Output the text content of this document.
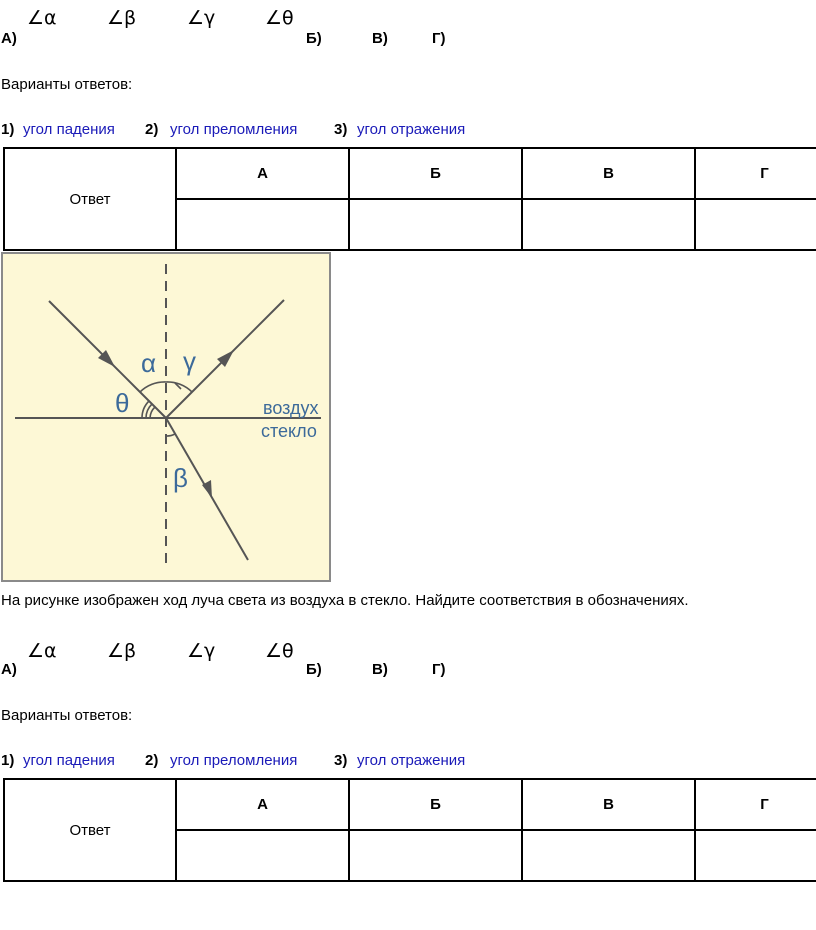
∠α	∠β	∠γ	∠θ
А)	Б)	В)	Г)
Варианты ответов:
1) угол падения 2) угол преломления 3) угол отражения
Ответ	А	Б	В	Г

α γ
θ
β
воздух
стекло
На рисунке изображен ход луча света из воздуха в стекло. Найдите соответствия в обозначениях.
∠α	∠β	∠γ	∠θ
А)	Б)	В)	Г)
Варианты ответов:
1) угол падения 2) угол преломления 3) угол отражения
Ответ	А	Б	В	Г
